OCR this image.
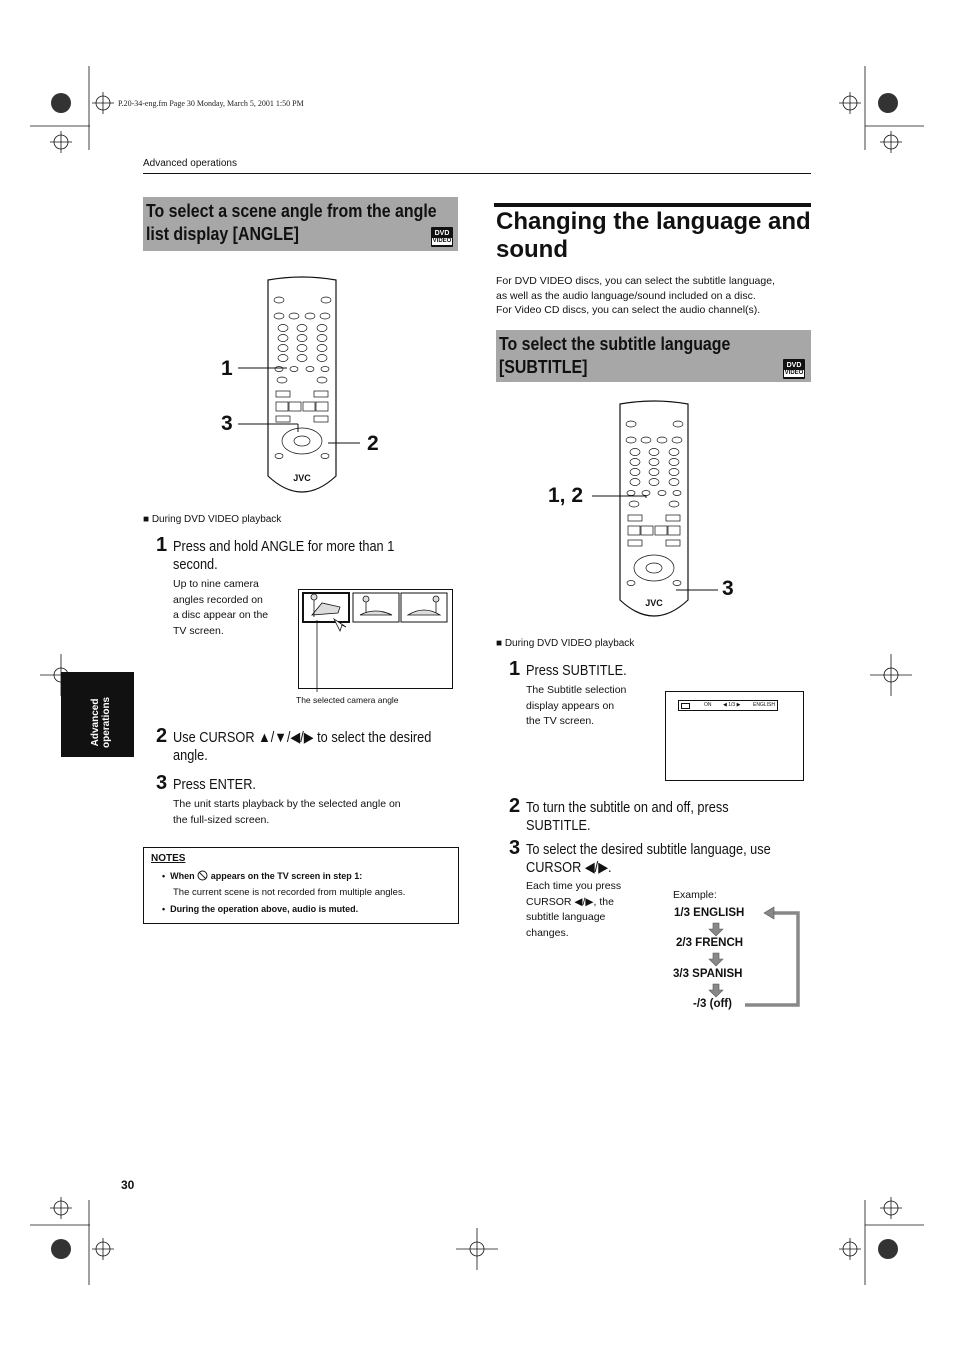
P.20-34-eng.fm Page 30 Monday, March 5, 2001 1:50 PM
Advanced operations
Advanced operations
To select a scene angle from the angle
list display [ANGLE]	DVD
VIDEO
JVC
1
3
2
■ During DVD VIDEO playback
1 Press and hold ANGLE for more than 1
second.
Up to nine camera
angles recorded on
a disc appear on the
TV screen.
The selected camera angle
2 Use CURSOR ▲/▼/◀/▶ to select the desired
angle.
3 Press ENTER.
The unit starts playback by the selected angle on
the full-sized screen.
NOTES
•  When appears on the TV screen in step 1:
The current scene is not recorded from multiple angles.
•  During the operation above, audio is muted.
Changing the language and
sound
For DVD VIDEO discs, you can select the subtitle language,
as well as the audio language/sound included on a disc.
For Video CD discs, you can select the audio channel(s).
To select the subtitle language
[SUBTITLE]	DVD
VIDEO
JVC
1, 2
3
■ During DVD VIDEO playback
1 Press SUBTITLE.
The Subtitle selection
display appears on
the TV screen.
ON ◀ 1/3 ▶	ENGLISH
2 To turn the subtitle on and off, press
SUBTITLE.
3 To select the desired subtitle language, use
CURSOR ◀/▶.
Each time you press
CURSOR ◀/▶, the
subtitle language
changes.
Example:
1/3 ENGLISH
2/3 FRENCH
3/3 SPANISH
-/3 (off)
30
